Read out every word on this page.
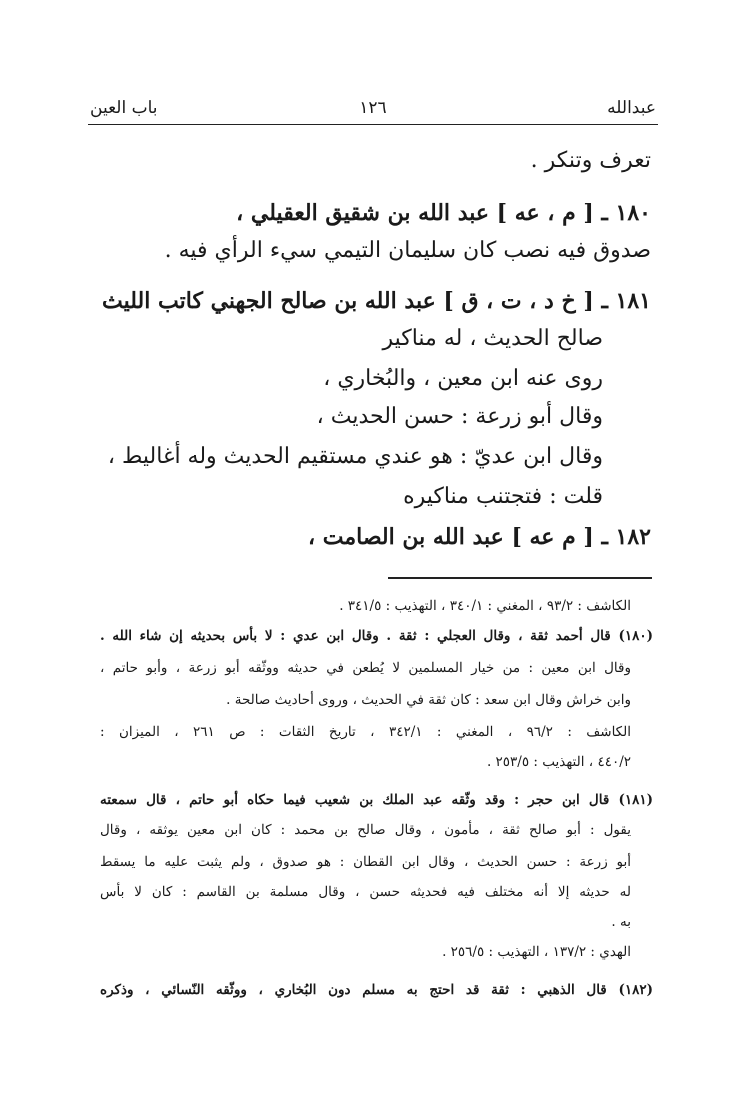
عبدالله
١٢٦
باب العين
تعرف وتنكر .
١٨٠ ـ [ م ، عه ] عبد الله بن شقيق العقيلي ،
صدوق فيه نصب كان سليمان التيمي سيء الرأي فيه .
١٨١ ـ [ خ د ، ت ، ق ] عبد الله بن صالح الجهني كاتب الليث
صالح الحديث ، له مناكير
روى عنه ابن معين ، والبُخاري ،
وقال أبو زرعة : حسن الحديث ،
وقال ابن عديّ : هو عندي مستقيم الحديث وله أغاليط ،
قلت : فتجتنب مناكيره
١٨٢ ـ [ م عه ] عبد الله بن الصامت ،
الكاشف : ٩٣/٢ ، المغني : ٣٤٠/١ ، التهذيب : ٣٤١/٥ .
(١٨٠) قال أحمد ثقة ، وقال العجلي : ثقة . وقال ابن عدي : لا بأس بحديثه إن شاء الله .
وقال ابن معين : من خيار المسلمين لا يُطعن في حديثه ووثّقه أبو زرعة ، وأبو حاتم ،
وابن خراش وقال ابن سعد : كان ثقة في الحديث ، وروى أحاديث صالحة .
الكاشف : ٩٦/٢ ، المغني : ٣٤٢/١ ، تاريخ الثقات : ص ٢٦١ ، الميزان :
٤٤٠/٢ ، التهذيب : ٢٥٣/٥ .
(١٨١) قال ابن حجر : وقد وثّقه عبد الملك بن شعيب فيما حكاه أبو حاتم ، قال سمعته
يقول : أبو صالح ثقة ، مأمون ، وقال صالح بن محمد : كان ابن معين يوثقه ، وقال
أبو زرعة : حسن الحديث ، وقال ابن القطان : هو صدوق ، ولم يثبت عليه ما يسقط
له حديثه إلا أنه مختلف فيه فحديثه حسن ، وقال مسلمة بن القاسم : كان لا بأس
به .
الهدي : ١٣٧/٢ ، التهذيب : ٢٥٦/٥ .
(١٨٢) قال الذهبي : ثقة قد احتج به مسلم دون البُخاري ، ووثّقه النّسائي ، وذكره
